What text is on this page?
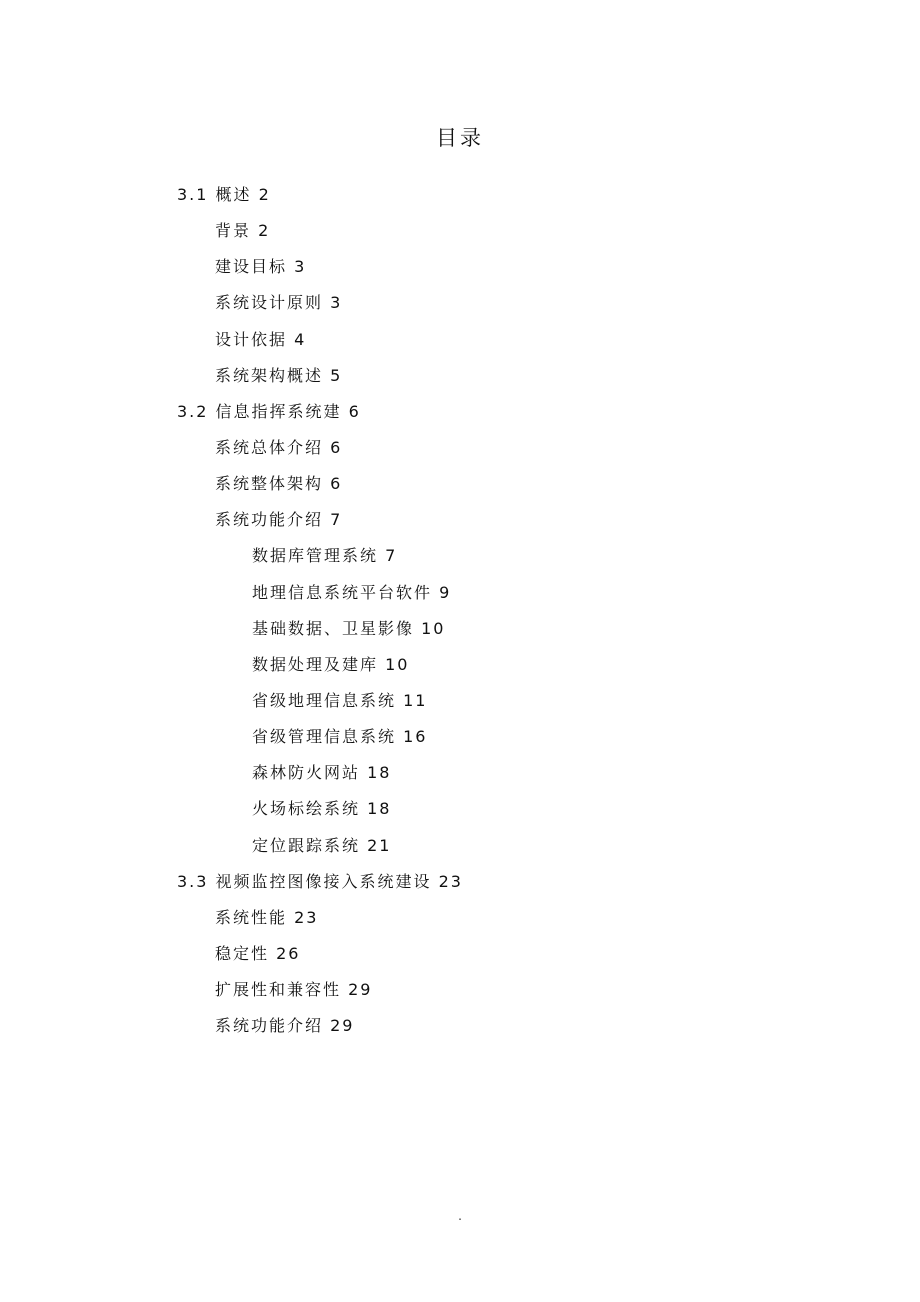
目录
3.1 概述 2
背景 2
建设目标 3
系统设计原则 3
设计依据 4
系统架构概述 5
3.2 信息指挥系统建 6
系统总体介绍 6
系统整体架构 6
系统功能介绍 7
数据库管理系统 7
地理信息系统平台软件 9
基础数据、卫星影像 10
数据处理及建库 10
省级地理信息系统 11
省级管理信息系统 16
森林防火网站 18
火场标绘系统 18
定位跟踪系统 21
3.3 视频监控图像接入系统建设 23
系统性能 23
稳定性 26
扩展性和兼容性 29
系统功能介绍 29
.
